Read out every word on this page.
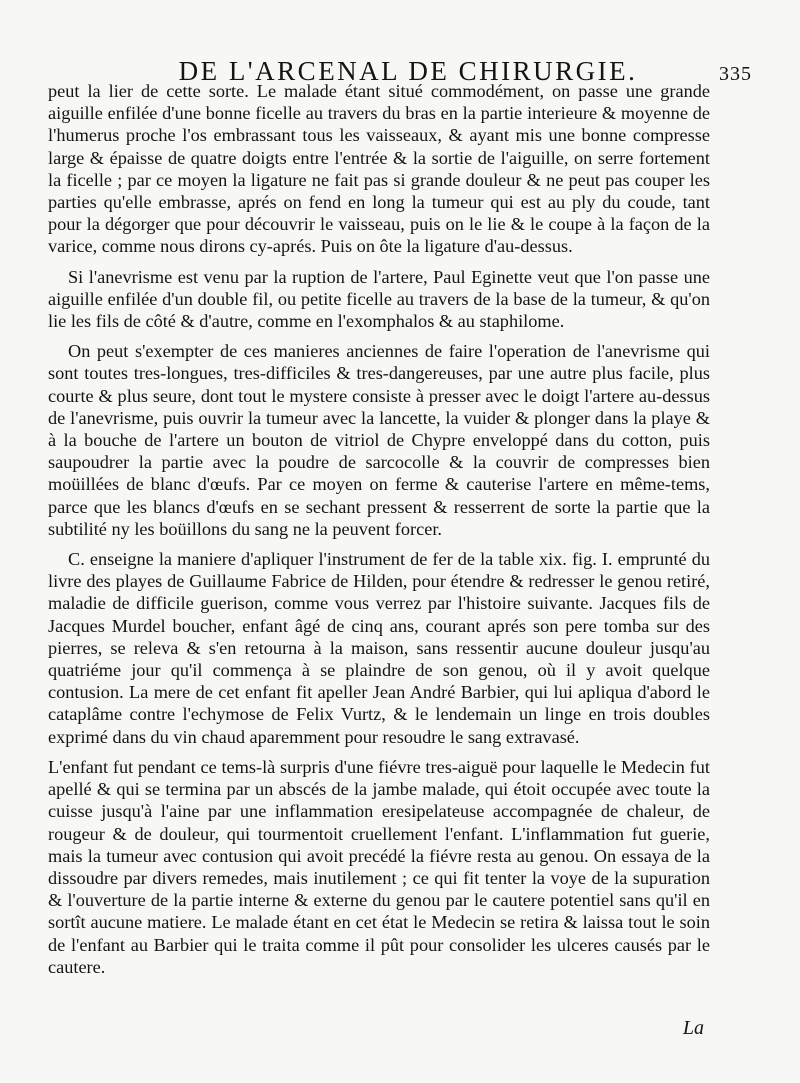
DE L'ARCENAL DE CHIRURGIE.	335

peut la lier de cette sorte. Le malade étant situé commodément, on passe une grande aiguille enfilée d'une bonne ficelle au travers du bras en la partie interieure & moyenne de l'humerus proche l'os embrassant tous les vaisseaux, & ayant mis une bonne compresse large & épaisse de quatre doigts entre l'entrée & la sortie de l'aiguille, on serre fortement la ficelle ; par ce moyen la ligature ne fait pas si grande douleur & ne peut pas couper les parties qu'elle embrasse, aprés on fend en long la tumeur qui est au ply du coude, tant pour la dégorger que pour découvrir le vaisseau, puis on le lie & le coupe à la façon de la varice, comme nous dirons cy-aprés. Puis on ôte la ligature d'au-dessus.

Si l'anevrisme est venu par la ruption de l'artere, Paul Eginette veut que l'on passe une aiguille enfilée d'un double fil, ou petite ficelle au travers de la base de la tumeur, & qu'on lie les fils de côté & d'autre, comme en l'exomphalos & au staphilome.

On peut s'exempter de ces manieres anciennes de faire l'operation de l'anevrisme qui sont toutes tres-longues, tres-difficiles & tres-dangereuses, par une autre plus facile, plus courte & plus seure, dont tout le mystere consiste à presser avec le doigt l'artere au-dessus de l'anevrisme, puis ouvrir la tumeur avec la lancette, la vuider & plonger dans la playe & à la bouche de l'artere un bouton de vitriol de Chypre enveloppé dans du cotton, puis saupoudrer la partie avec la poudre de sarcocolle & la couvrir de compresses bien moüillées de blanc d'œufs. Par ce moyen on ferme & cauterise l'artere en même-tems, parce que les blancs d'œufs en se sechant pressent & resserrent de sorte la partie que la subtilité ny les boüillons du sang ne la peuvent forcer.

C. enseigne la maniere d'apliquer l'instrument de fer de la table xix. fig. I. emprunté du livre des playes de Guillaume Fabrice de Hilden, pour étendre & redresser le genou retiré, maladie de difficile guerison, comme vous verrez par l'histoire suivante. Jacques fils de Jacques Murdel boucher, enfant âgé de cinq ans, courant aprés son pere tomba sur des pierres, se releva & s'en retourna à la maison, sans ressentir aucune douleur jusqu'au quatriéme jour qu'il commença à se plaindre de son genou, où il y avoit quelque contusion. La mere de cet enfant fit apeller Jean André Barbier, qui lui apliqua d'abord le cataplâme contre l'echymose de Felix Vurtz, & le lendemain un linge en trois doubles exprimé dans du vin chaud aparemment pour resoudre le sang extravasé.

L'enfant fut pendant ce tems-là surpris d'une fiévre tres-aiguë pour laquelle le Medecin fut apellé & qui se termina par un abscés de la jambe malade, qui étoit occupée avec toute la cuisse jusqu'à l'aine par une inflammation eresipelateuse accompagnée de chaleur, de rougeur & de douleur, qui tourmentoit cruellement l'enfant. L'inflammation fut guerie, mais la tumeur avec contusion qui avoit precédé la fiévre resta au genou. On essaya de la dissoudre par divers remedes, mais inutilement ; ce qui fit tenter la voye de la supuration & l'ouverture de la partie interne & externe du genou par le cautere potentiel sans qu'il en sortît aucune matiere. Le malade étant en cet état le Medecin se retira & laissa tout le soin de l'enfant au Barbier qui le traita comme il pût pour consolider les ulceres causés par le cautere.

La
